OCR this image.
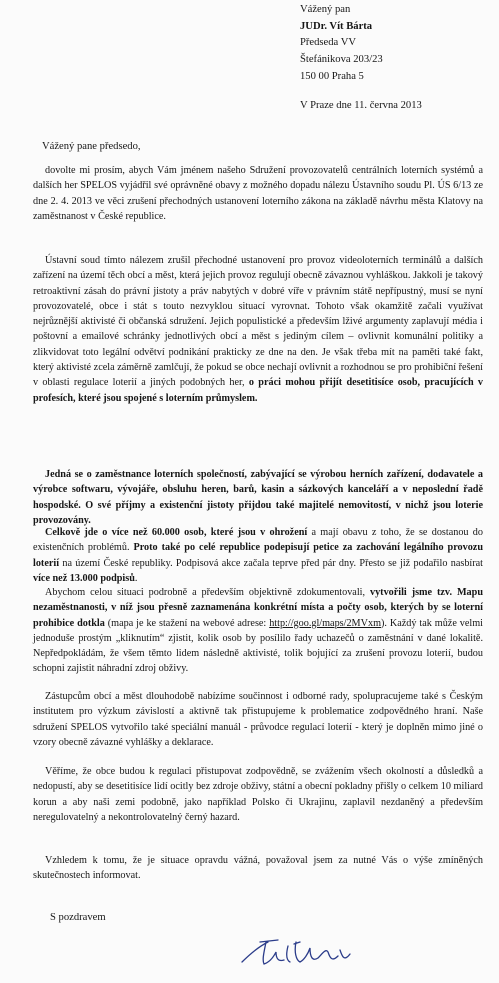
Vážený pan
JUDr. Vít Bárta
Předseda VV
Štefánikova 203/23
150 00 Praha 5
V Praze dne 11. června 2013
Vážený pane předsedo,

dovolte mi prosím, abych Vám jménem našeho Sdružení provozovatelů centrálních loterních systémů a dalších her SPELOS vyjádřil své oprávněné obavy z možného dopadu nálezu Ústavního soudu Pl. ÚS 6/13 ze dne 2. 4. 2013 ve věci zrušení přechodných ustanovení loterního zákona na základě návrhu města Klatovy na zaměstnanost v České republice.

Ústavní soud tímto nálezem zrušil přechodné ustanovení pro provoz videoloterních terminálů a dalších zařízení na území těch obcí a měst, která jejich provoz regulují obecně závaznou vyhláškou. Jakkoli je takový retroaktivní zásah do právní jistoty a práv nabytých v dobré víře v právním státě nepřípustný, musí se nyní provozovatelé, obce i stát s touto nezvyklou situací vyrovnat. Tohoto však okamžitě začali využívat nejrůznější aktivisté či občanská sdružení. Jejich populistické a především lživé argumenty zaplavují média i poštovní a emailové schránky jednotlivých obcí a měst s jediným cílem – ovlivnit komunální politiky a zlikvidovat toto legální odvětví podnikání prakticky ze dne na den. Je však třeba mít na paměti také fakt, který aktivisté zcela záměrně zamlčují, že pokud se obce nechají ovlivnit a rozhodnou se pro prohibiční řešení v oblasti regulace loterií a jiných podobných her, o práci mohou přijít desetitisíce osob, pracujících v profesích, které jsou spojené s loterním průmyslem.

Jedná se o zaměstnance loterních společností, zabývající se výrobou herních zařízení, dodavatele a výrobce softwaru, vývojáře, obsluhu heren, barů, kasin a sázkových kanceláří a v neposlední řadě hospodské. O své příjmy a existenční jistoty přijdou také majitelé nemovitostí, v nichž jsou loterie provozovány.

Celkově jde o více než 60.000 osob, které jsou v ohrožení a mají obavu z toho, že se dostanou do existenčních problémů. Proto také po celé republice podepisují petice za zachování legálního provozu loterií na území České republiky. Podpisová akce začala teprve před pár dny. Přesto se již podařilo nasbírat více než 13.000 podpisů.

Abychom celou situaci podrobně a především objektivně zdokumentovali, vytvořili jsme tzv. Mapu nezaměstnanosti, v níž jsou přesně zaznamenána konkrétní místa a počty osob, kterých by se loterní prohibice dotkla (mapa je ke stažení na webové adrese: http://goo.gl/maps/2MVxm). Každý tak může velmi jednoduše prostým „kliknutím“ zjistit, kolik osob by posílilo řady uchazečů o zaměstnání v dané lokalitě. Nepředpokládám, že všem těmto lidem následně aktivisté, tolik bojující za zrušení provozu loterií, budou schopni zajistit náhradní zdroj obživy.

Zástupcům obcí a měst dlouhodobě nabízíme součinnost i odborné rady, spolupracujeme také s Českým institutem pro výzkum závislostí a aktivně tak přistupujeme k problematice zodpovědného hraní. Naše sdružení SPELOS vytvořilo také speciální manuál - průvodce regulací loterií - který je doplněn mimo jiné o vzory obecně závazné vyhlášky a deklarace.

Věříme, že obce budou k regulaci přistupovat zodpovědně, se zvážením všech okolností a důsledků a nedopustí, aby se desetitisíce lidí ocitly bez zdroje obživy, státní a obecní pokladny přišly o celkem 10 miliard korun a aby naši zemi podobně, jako například Polsko či Ukrajinu, zaplavil nezdaněný a především neregulovatelný a nekontrolovatelný černý hazard.

Vzhledem k tomu, že je situace opravdu vážná, považoval jsem za nutné Vás o výše zmíněných skutečnostech informovat.

S pozdravem
